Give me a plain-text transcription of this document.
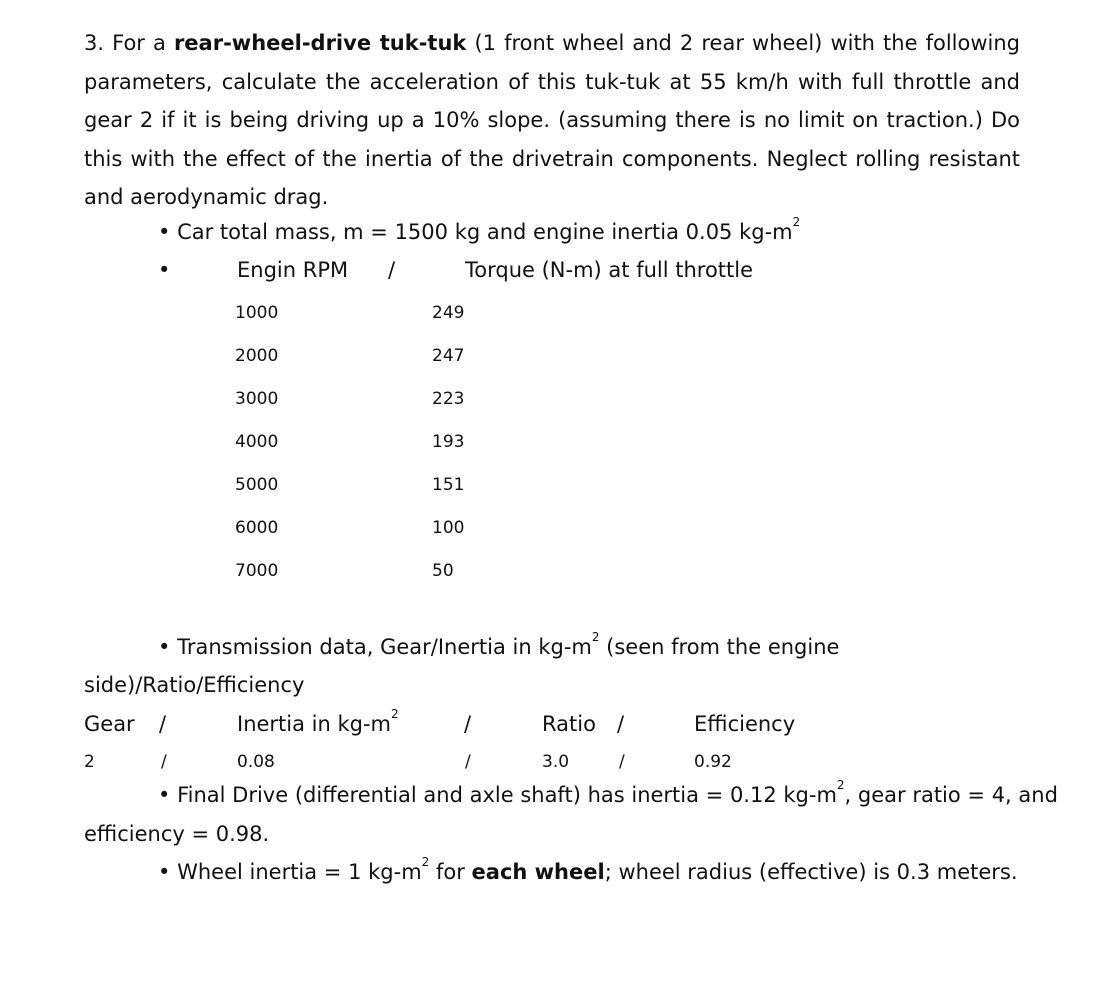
3. For a rear-wheel-drive tuk-tuk (1 front wheel and 2 rear wheel) with the following parameters, calculate the acceleration of this tuk-tuk at 55 km/h with full throttle and gear 2 if it is being driving up a 10% slope. (assuming there is no limit on traction.) Do this with the effect of the inertia of the drivetrain components. Neglect rolling resistant and aerodynamic drag.

• Car total mass, m = 1500 kg and engine inertia 0.05 $kg-m^2$
•	Engin RPM /	Torque (N-m) at full throttle
1000	249
2000	247
3000	223
4000	193
5000	151
6000	100
7000	50
• Transmission data, Gear/Inertia in $kg-m^2$ (seen from the engine
side)/Ratio/Efficiency
Gear /	Inertia in $kg-m^2$	/	Ratio /	Efficiency
2	/	0.08	/	3.0	/	0.92
• Final Drive (differential and axle shaft) has inertia = 0.12 $kg-m^2$, gear ratio = 4, and
efficiency = 0.98.
• Wheel inertia = 1 $kg-m^2$ for each wheel; wheel radius (effective) is 0.3 meters.
